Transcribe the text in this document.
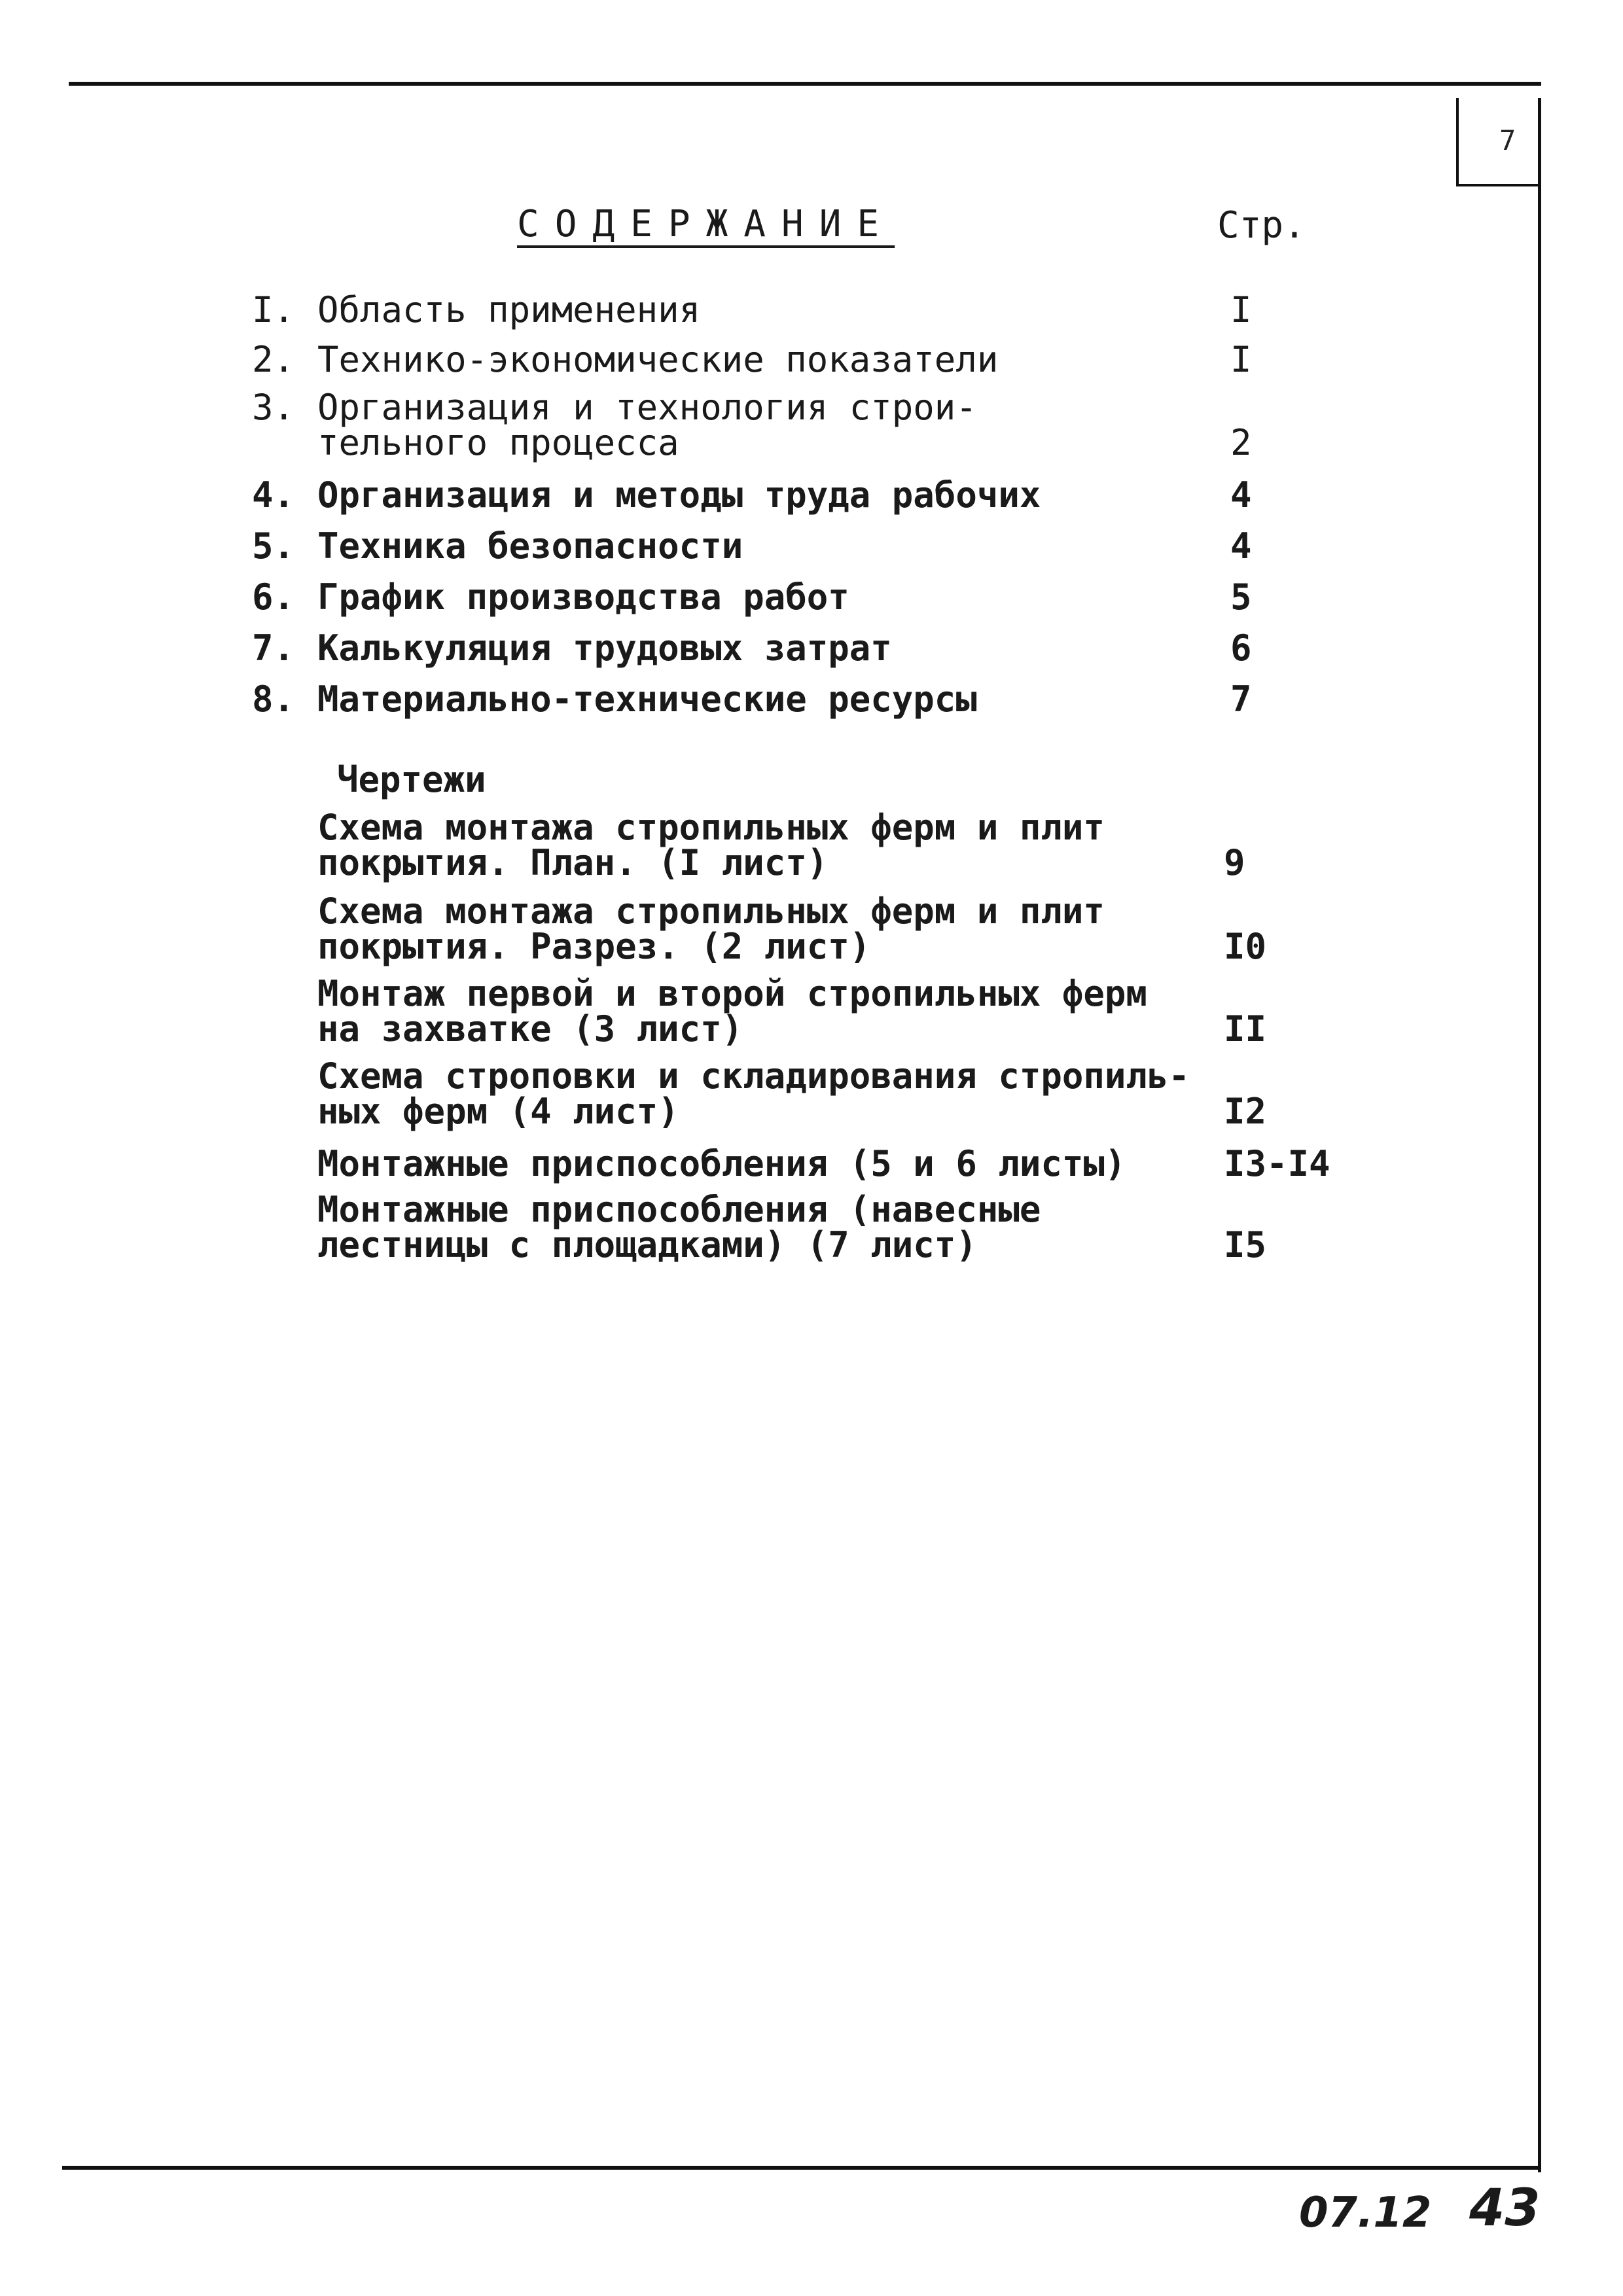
7
СОДЕРЖАНИЕ	Стр.
I. Область применения	I
2. Технико-экономические показатели	I
3. Организация и технология строи-
тельного процесса	2
4. Организация и методы труда рабочих	4
5. Техника безопасности	4
6. График производства работ	5
7. Калькуляция трудовых затрат	6
8. Материально-технические ресурсы	7
Чертежи
Схема монтажа стропильных ферм и плит
покрытия. План. (I лист)	9
Схема монтажа стропильных ферм и плит
покрытия. Разрез. (2 лист)	I0
Монтаж первой и второй стропильных ферм
на захватке (3 лист)	II
Схема строповки и складирования стропиль-
ных ферм (4 лист)	I2
Монтажные приспособления (5 и 6 листы)	I3-I4
Монтажные приспособления (навесные
лестницы с площадками) (7 лист)	I5
07.12 43
